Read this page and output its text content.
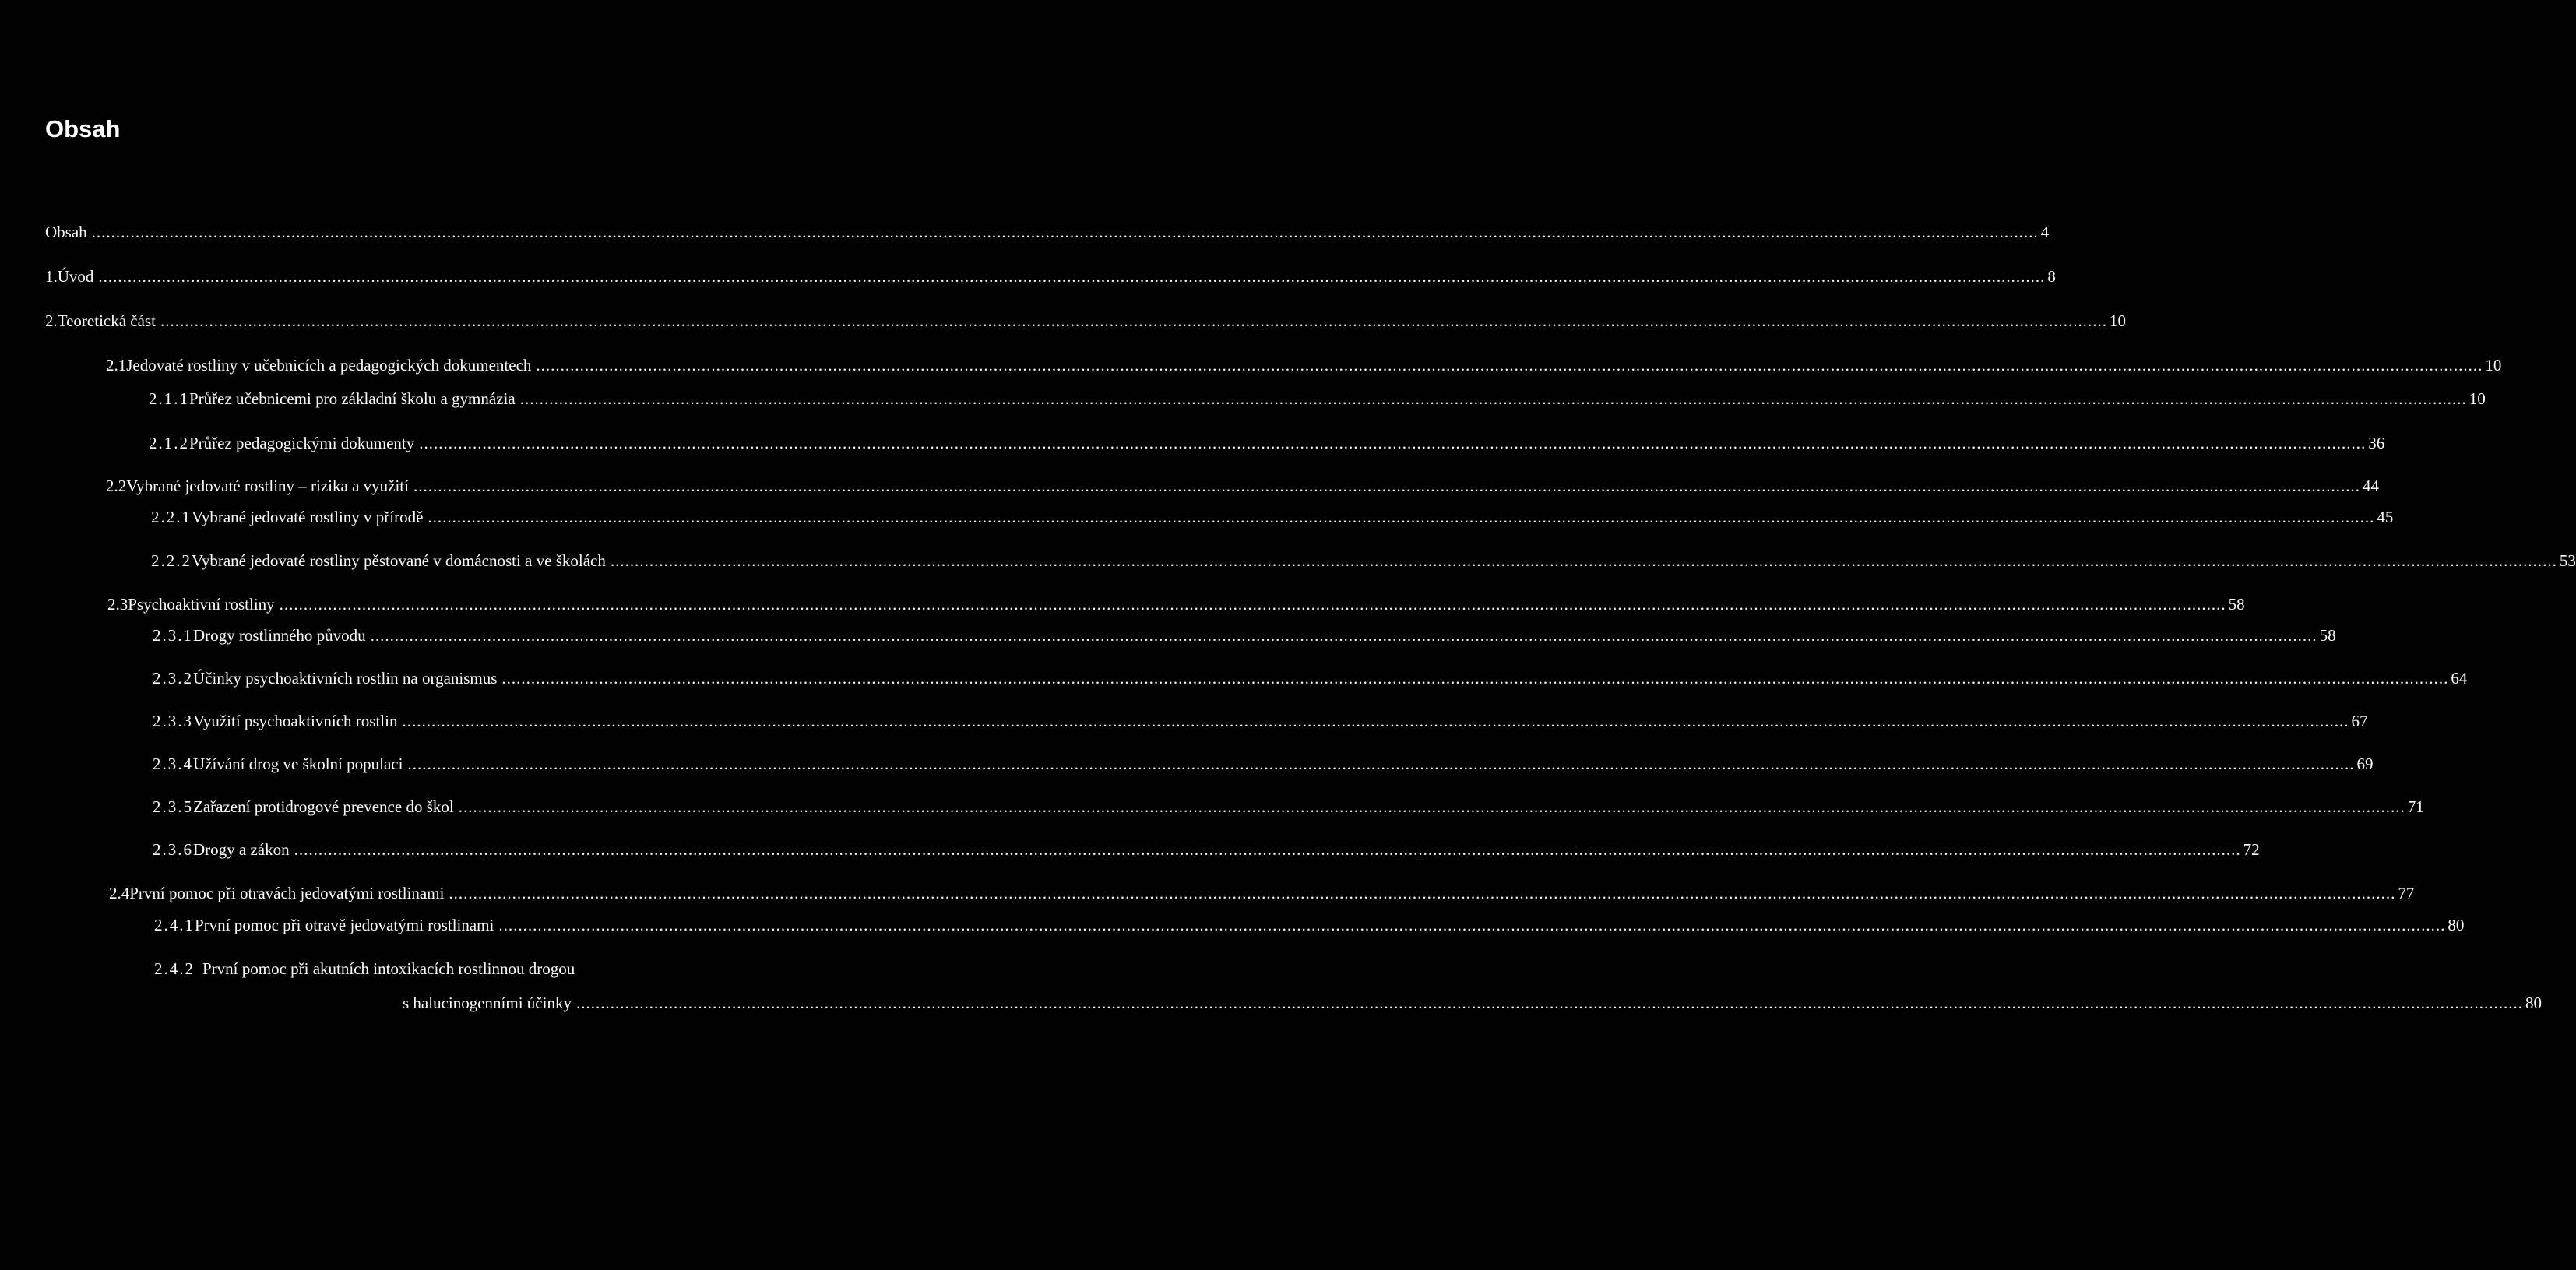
Obsah
Obsah ................................................................................................................................................................................................................................................................................................................................................................................................................ 4
1. Úvod ................................................................................................................................................................................................................................................................................................................................................................................................................ 8
2. Teoretická část ................................................................................................................................................................................................................................................................................................................................................................................................................ 10
2.1 Jedovaté rostliny v učebnicích a pedagogických dokumentech ................................................................................................................................................................................................................................................................................................................................................................................................................ 10
2.1.1 Průřez učebnicemi pro základní školu a gymnázia ................................................................................................................................................................................................................................................................................................................................................................................................................ 10
2.1.2 Průřez pedagogickými dokumenty ................................................................................................................................................................................................................................................................................................................................................................................................................ 36
2.2 Vybrané jedovaté rostliny – rizika a využití ................................................................................................................................................................................................................................................................................................................................................................................................................ 44
2.2.1 Vybrané jedovaté rostliny v přírodě ................................................................................................................................................................................................................................................................................................................................................................................................................ 45
2.2.2 Vybrané jedovaté rostliny pěstované v domácnosti a ve školách ................................................................................................................................................................................................................................................................................................................................................................................................................ 53
2.3 Psychoaktivní rostliny ................................................................................................................................................................................................................................................................................................................................................................................................................ 58
2.3.1 Drogy rostlinného původu ................................................................................................................................................................................................................................................................................................................................................................................................................ 58
2.3.2 Účinky psychoaktivních rostlin na organismus ................................................................................................................................................................................................................................................................................................................................................................................................................ 64
2.3.3 Využití psychoaktivních rostlin ................................................................................................................................................................................................................................................................................................................................................................................................................ 67
2.3.4 Užívání drog ve školní populaci ................................................................................................................................................................................................................................................................................................................................................................................................................ 69
2.3.5 Zařazení protidrogové prevence do škol ................................................................................................................................................................................................................................................................................................................................................................................................................ 71
2.3.6 Drogy a zákon ................................................................................................................................................................................................................................................................................................................................................................................................................ 72
2.4 První pomoc při otravách jedovatými rostlinami ................................................................................................................................................................................................................................................................................................................................................................................................................ 77
2.4.1 První pomoc při otravě jedovatými rostlinami ................................................................................................................................................................................................................................................................................................................................................................................................................ 80
2.4.2 První pomoc při akutních intoxikacích rostlinnou drogou
s halucinogenními účinky ................................................................................................................................................................................................................................................................................................................................................................................................................ 80
